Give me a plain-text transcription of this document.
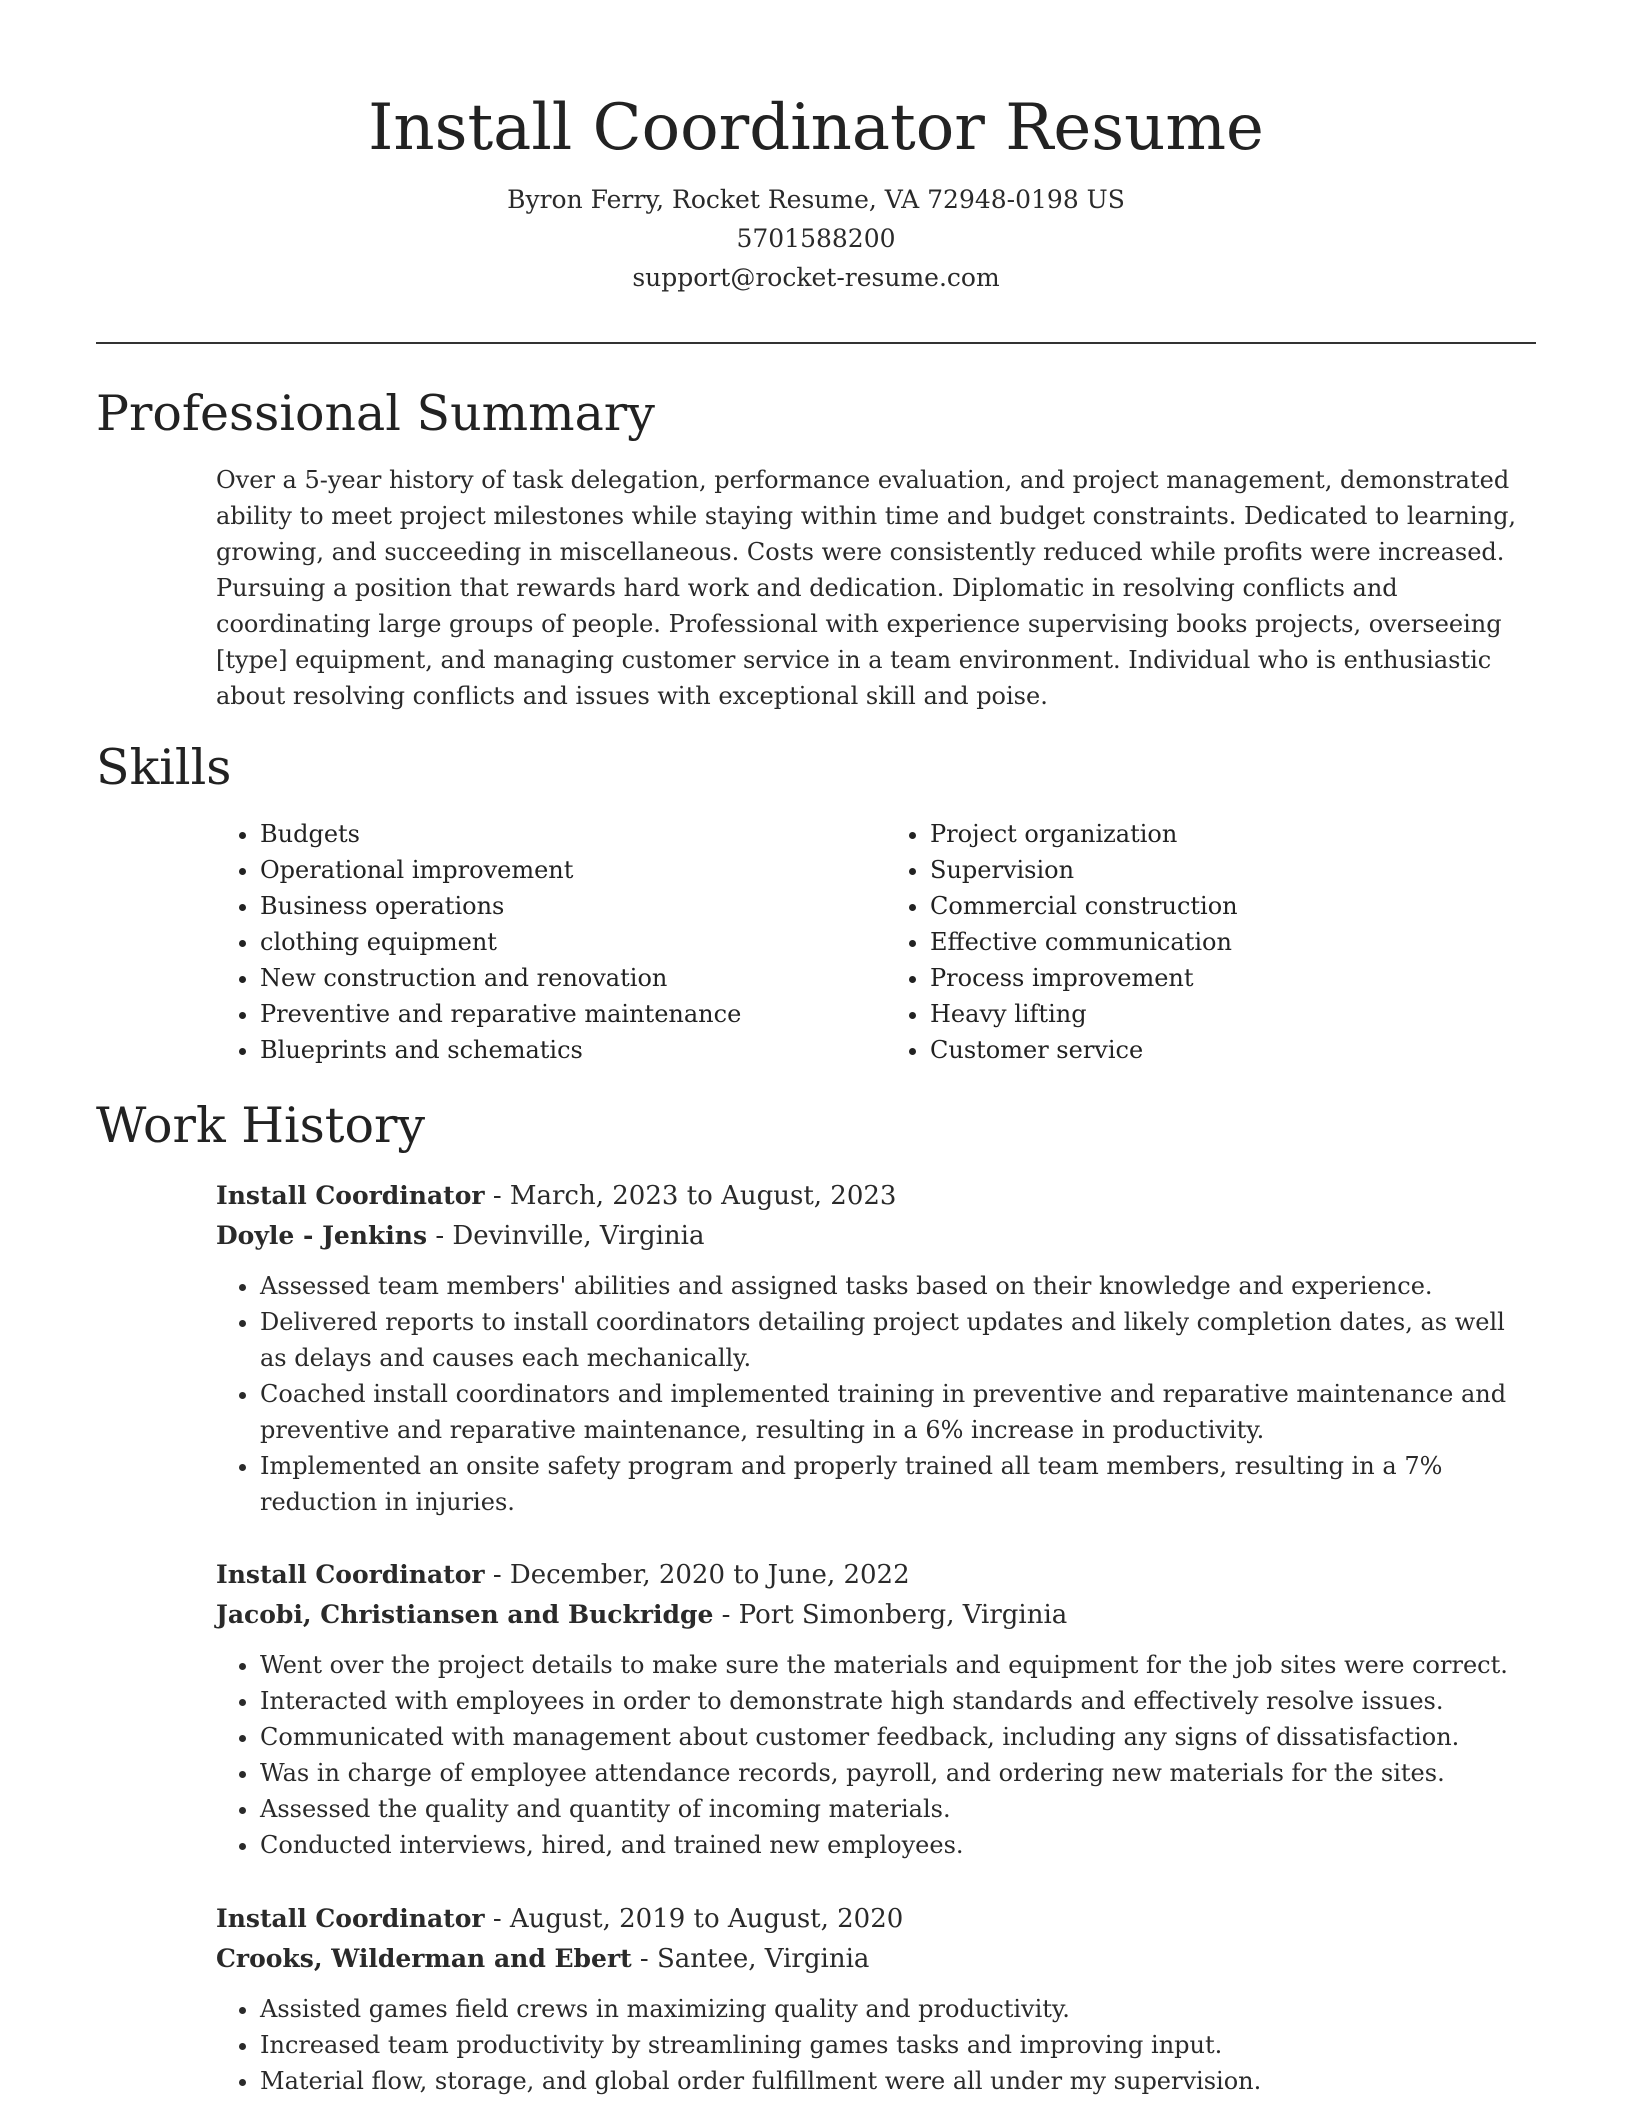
Install Coordinator Resume
Byron Ferry, Rocket Resume, VA 72948-0198 US
5701588200
support@rocket-resume.com
Professional Summary
Over a 5-year history of task delegation, performance evaluation, and project management, demonstrated ability to meet project milestones while staying within time and budget constraints. Dedicated to learning, growing, and succeeding in miscellaneous. Costs were consistently reduced while profits were increased. Pursuing a position that rewards hard work and dedication. Diplomatic in resolving conflicts and coordinating large groups of people. Professional with experience supervising books projects, overseeing [type] equipment, and managing customer service in a team environment. Individual who is enthusiastic about resolving conflicts and issues with exceptional skill and poise.
Skills
• Budgets
• Operational improvement
• Business operations
• clothing equipment
• New construction and renovation
• Preventive and reparative maintenance
• Blueprints and schematics
• Project organization
• Supervision
• Commercial construction
• Effective communication
• Process improvement
• Heavy lifting
• Customer service
Work History
Install Coordinator - March, 2023 to August, 2023
Doyle - Jenkins - Devinville, Virginia
• Assessed team members' abilities and assigned tasks based on their knowledge and experience.
• Delivered reports to install coordinators detailing project updates and likely completion dates, as well as delays and causes each mechanically.
• Coached install coordinators and implemented training in preventive and reparative maintenance and preventive and reparative maintenance, resulting in a 6% increase in productivity.
• Implemented an onsite safety program and properly trained all team members, resulting in a 7% reduction in injuries.
Install Coordinator - December, 2020 to June, 2022
Jacobi, Christiansen and Buckridge - Port Simonberg, Virginia
• Went over the project details to make sure the materials and equipment for the job sites were correct.
• Interacted with employees in order to demonstrate high standards and effectively resolve issues.
• Communicated with management about customer feedback, including any signs of dissatisfaction.
• Was in charge of employee attendance records, payroll, and ordering new materials for the sites.
• Assessed the quality and quantity of incoming materials.
• Conducted interviews, hired, and trained new employees.
Install Coordinator - August, 2019 to August, 2020
Crooks, Wilderman and Ebert - Santee, Virginia
• Assisted games field crews in maximizing quality and productivity.
• Increased team productivity by streamlining games tasks and improving input.
• Material flow, storage, and global order fulfillment were all under my supervision.
